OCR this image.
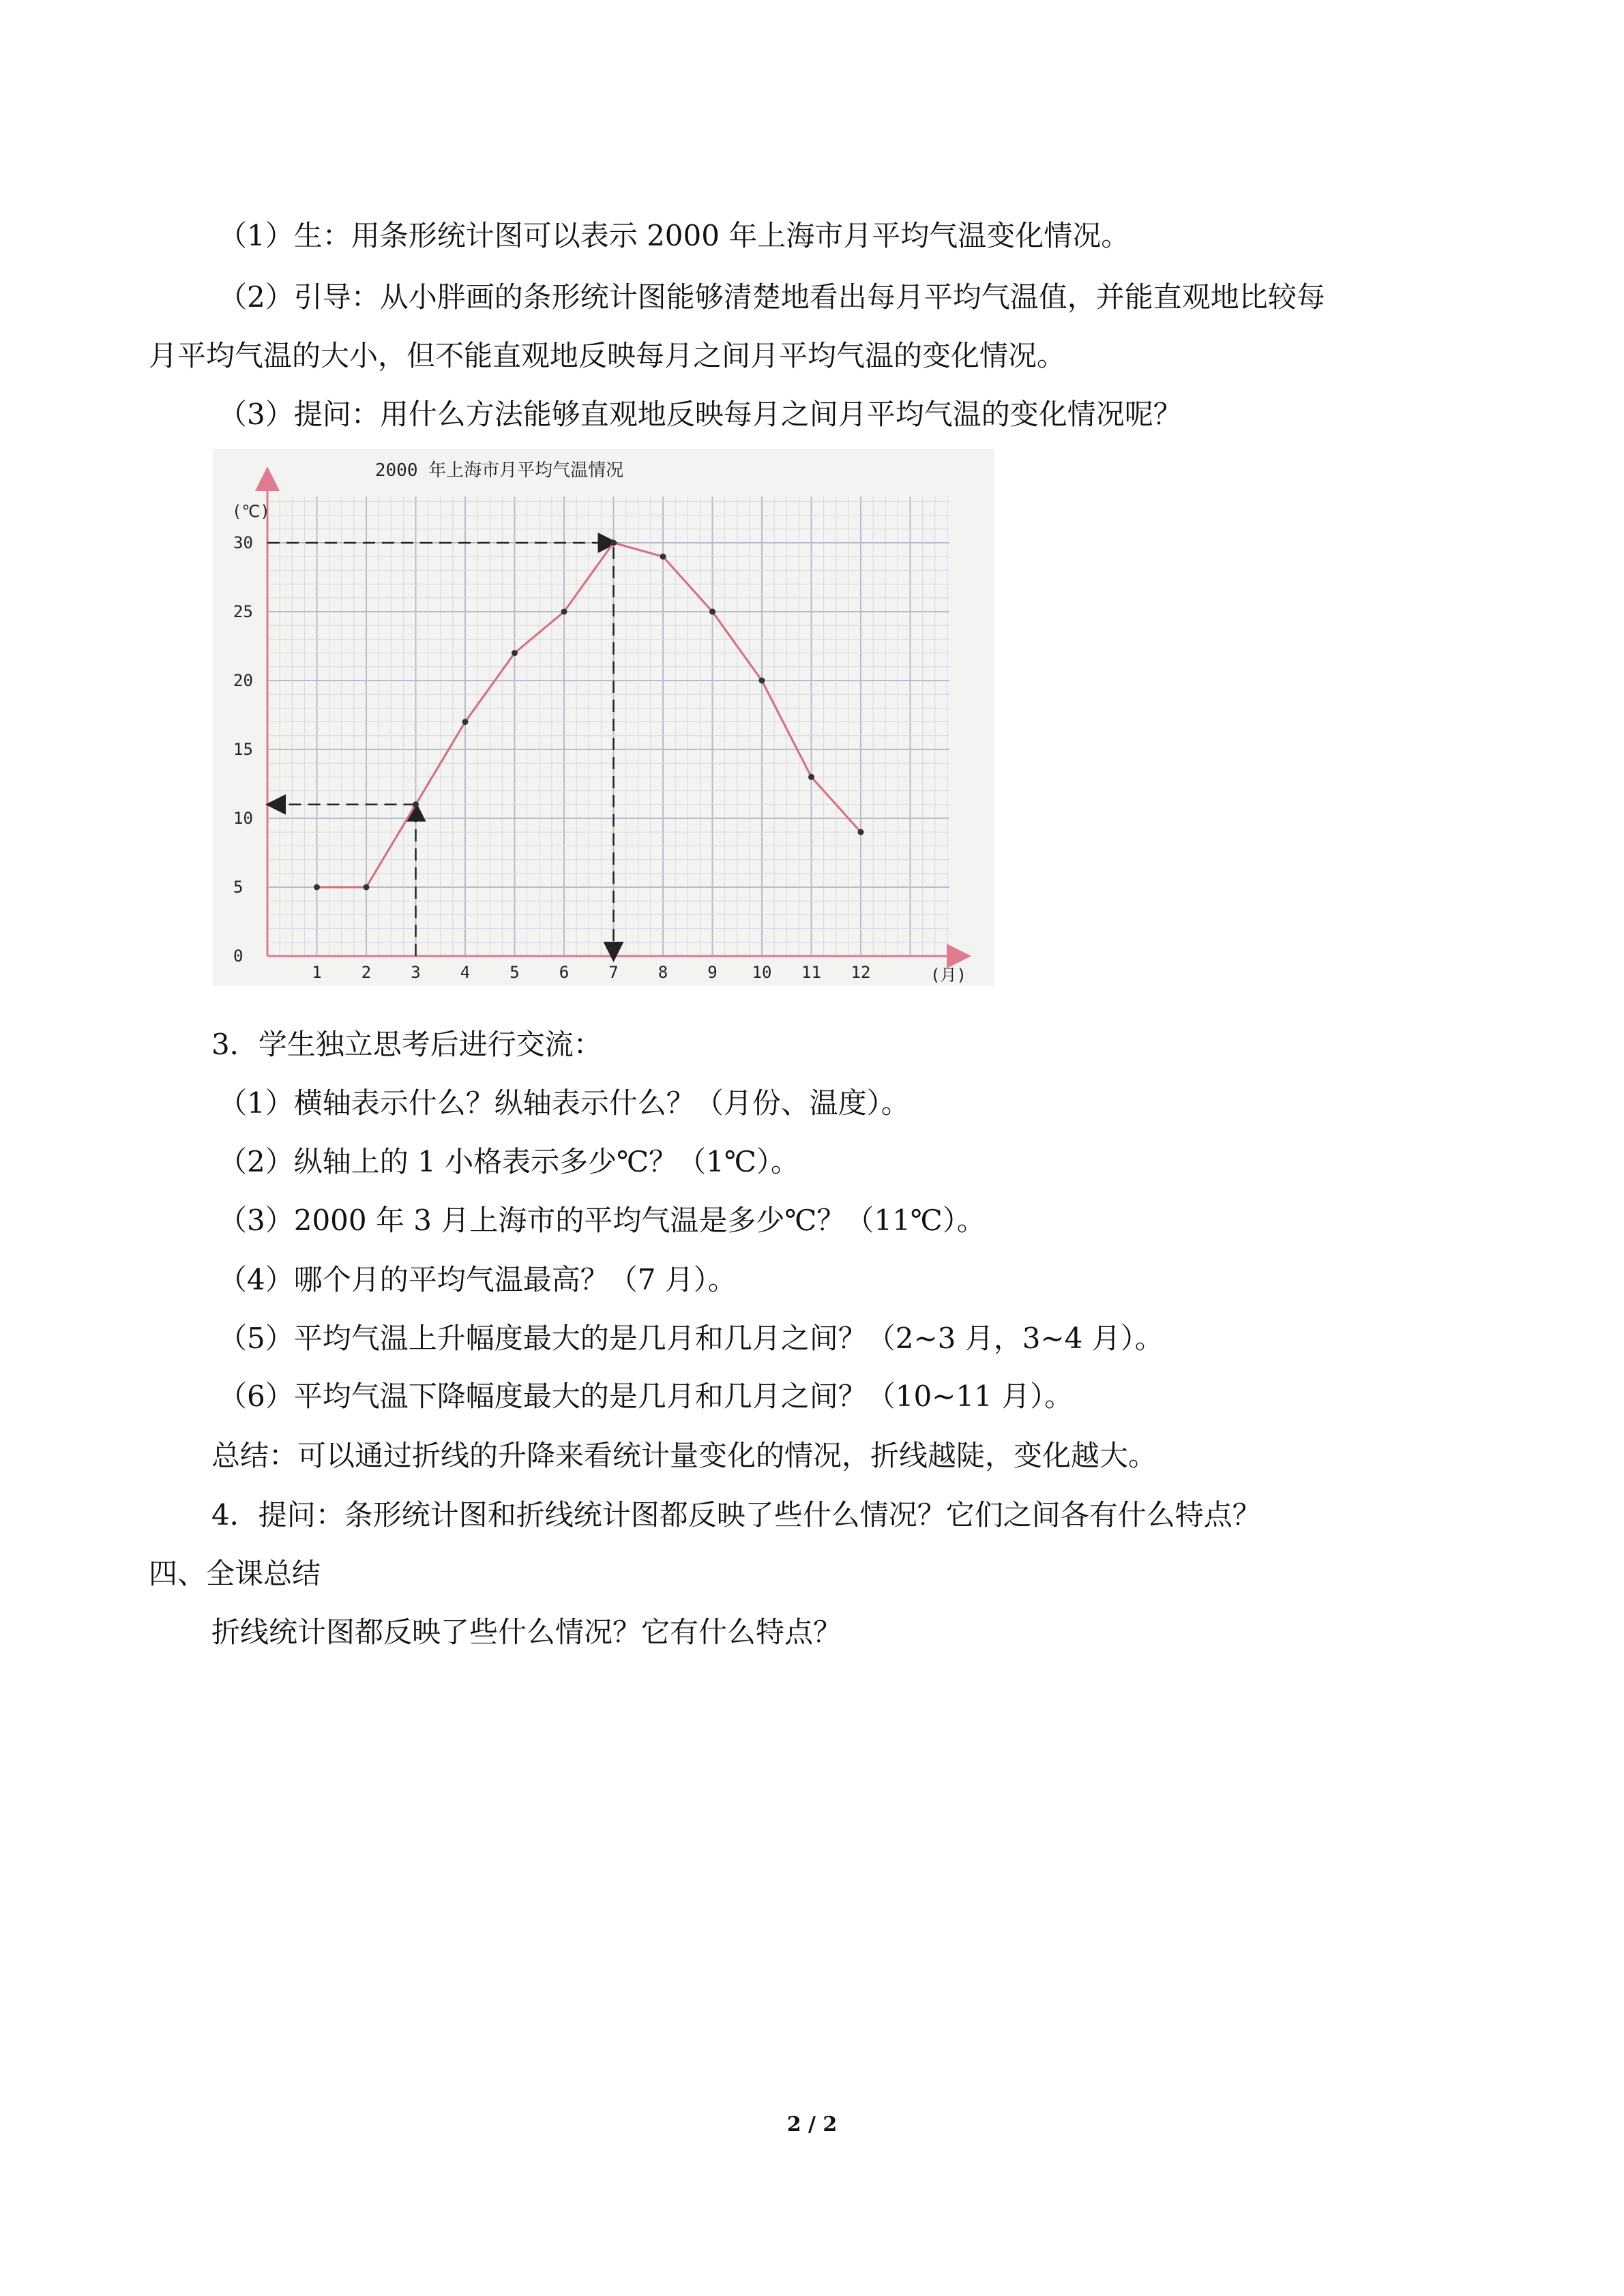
（1）生：用条形统计图可以表示 2000 年上海市月平均气温变化情况。
（2）引导：从小胖画的条形统计图能够清楚地看出每月平均气温值，并能直观地比较每
月平均气温的大小，但不能直观地反映每月之间月平均气温的变化情况。
（3）提问：用什么方法能够直观地反映每月之间月平均气温的变化情况呢？
0
5
10
15
20
25
30
1 2 3 4 5 6 7 8 9 10 11 12
2000 年上海市月平均气温情况
(℃)
(月)
3．学生独立思考后进行交流：
（1）横轴表示什么？纵轴表示什么？（月份、温度）。
（2）纵轴上的 1 小格表示多少℃？（1℃）。
（3）2000 年 3 月上海市的平均气温是多少℃？（11℃）。
（4）哪个月的平均气温最高？（7 月）。
（5）平均气温上升幅度最大的是几月和几月之间？（2~3 月，3~4 月）。
（6）平均气温下降幅度最大的是几月和几月之间？（10~11 月）。
总结：可以通过折线的升降来看统计量变化的情况，折线越陡，变化越大。
4．提问：条形统计图和折线统计图都反映了些什么情况？它们之间各有什么特点？
四、全课总结
折线统计图都反映了些什么情况？它有什么特点？
2 / 2
